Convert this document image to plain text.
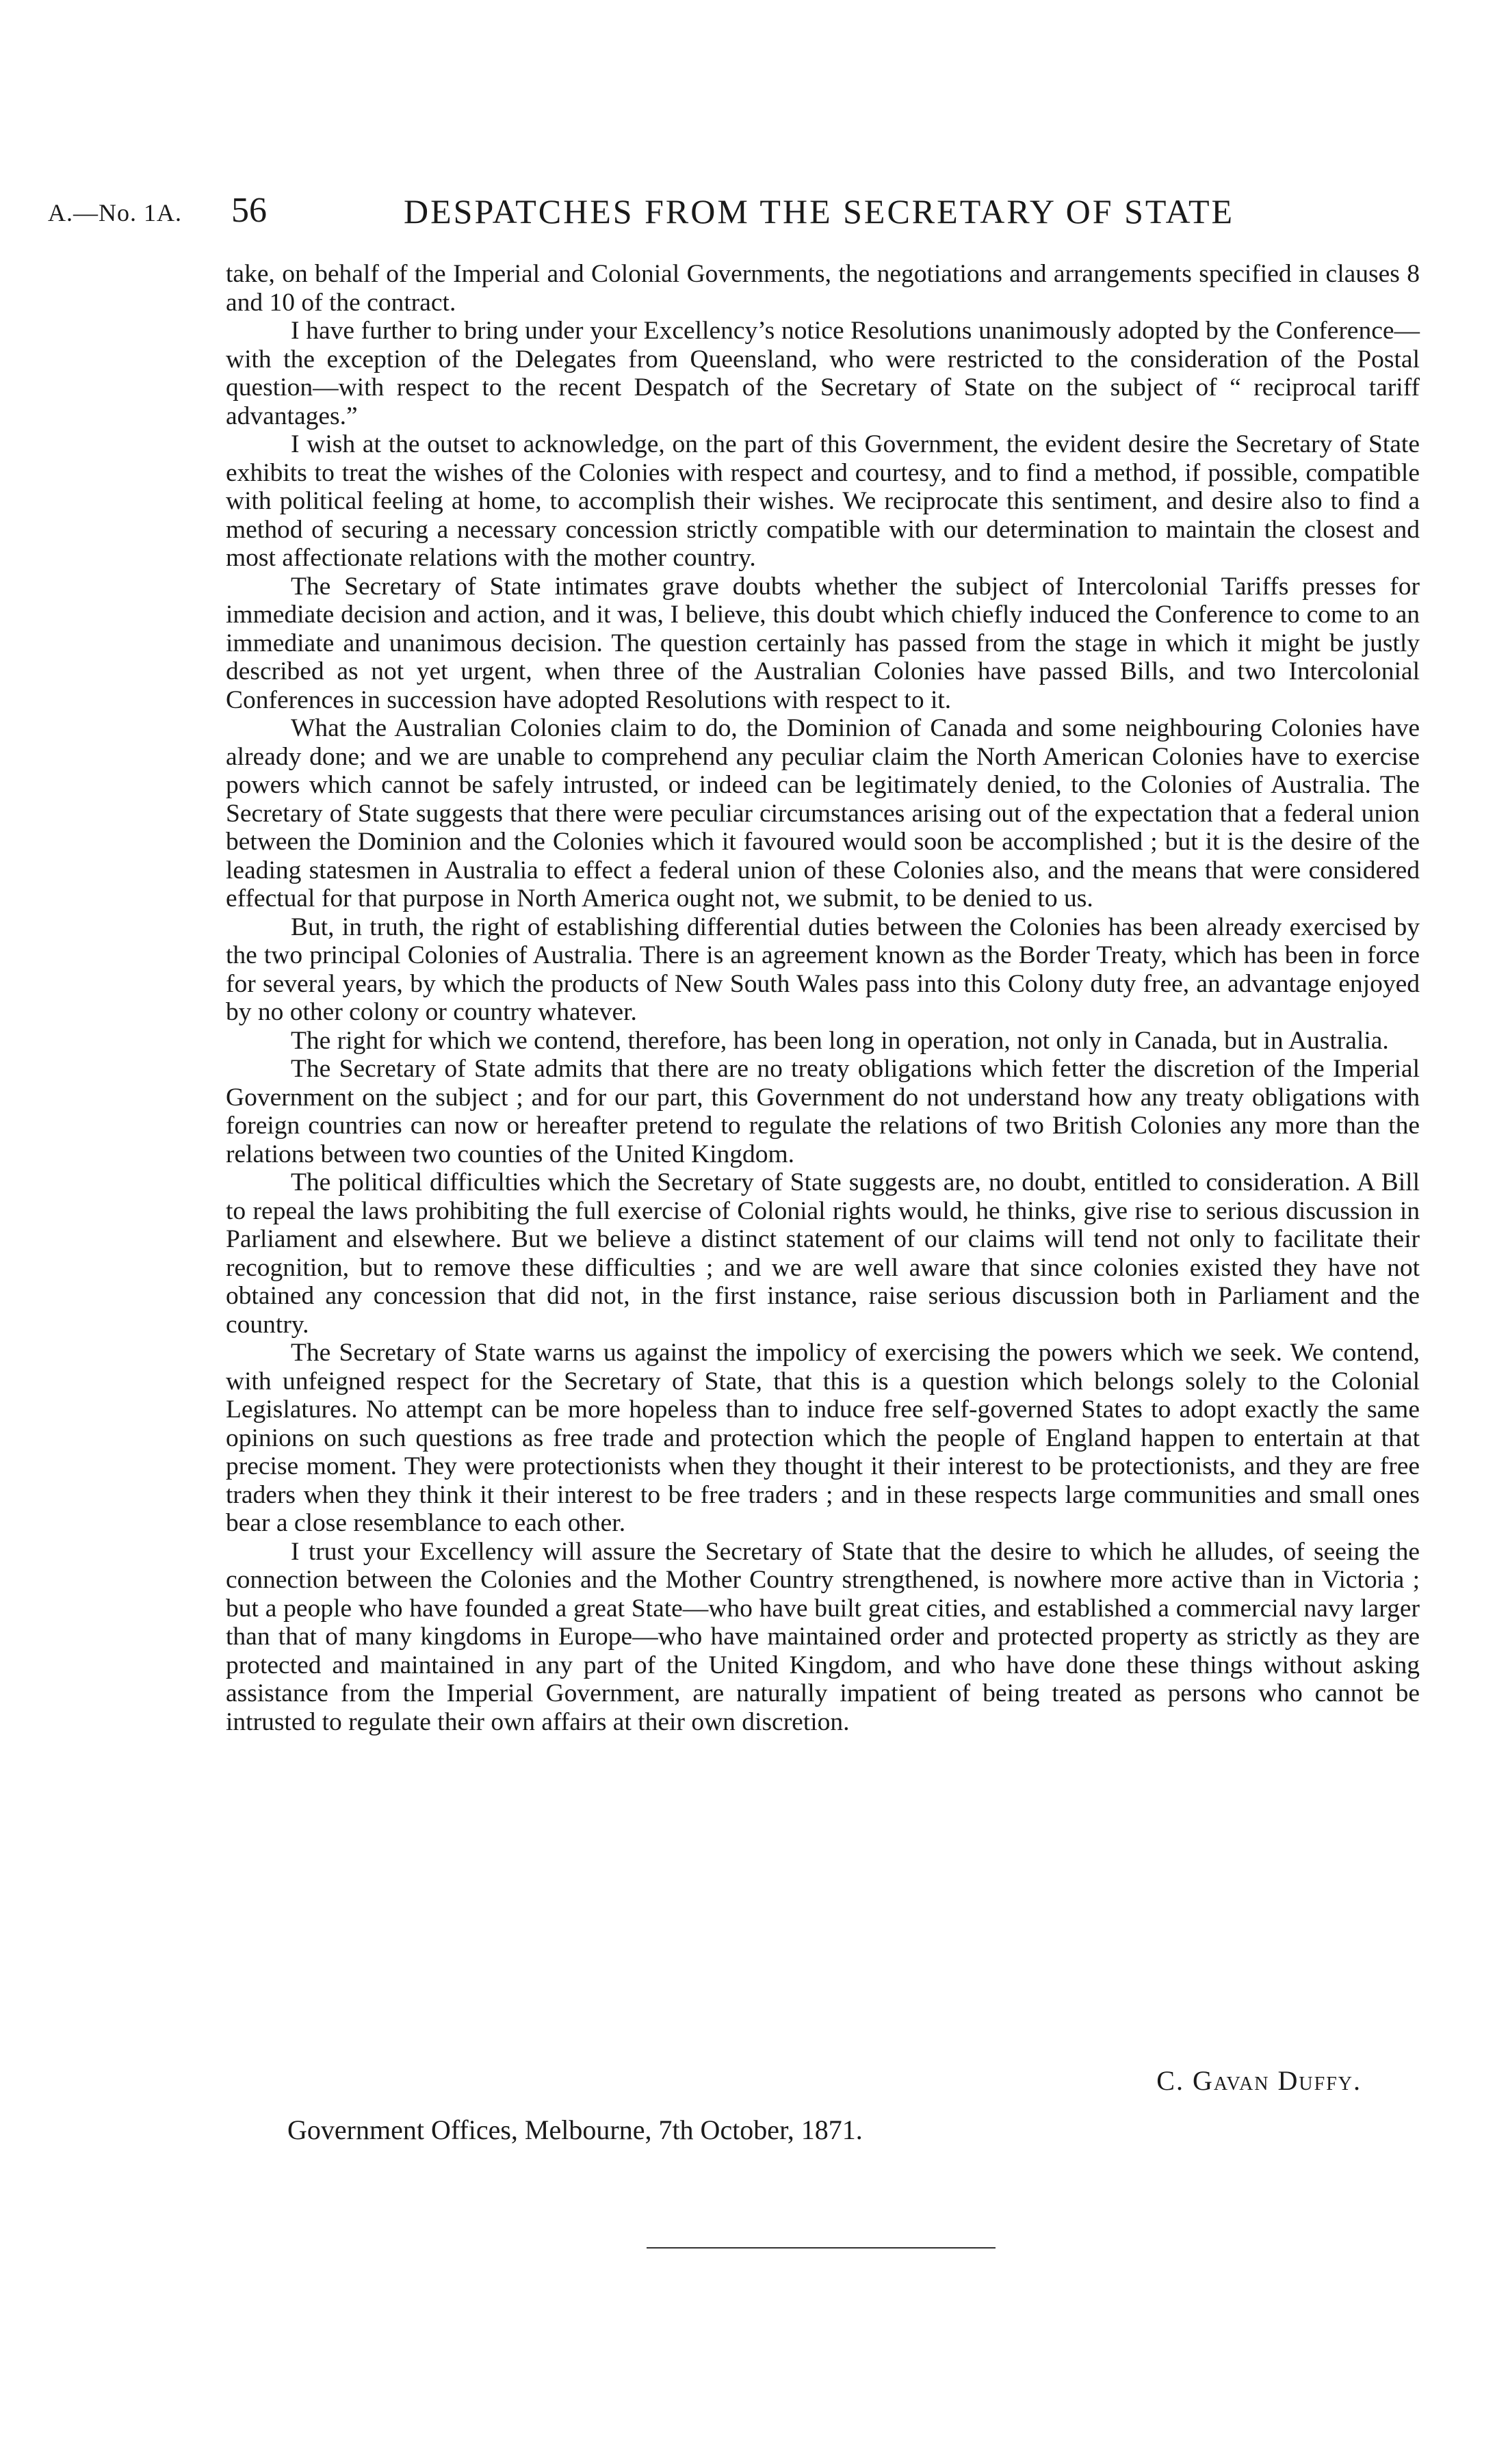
A.—No. 1A. 56	DESPATCHES FROM THE SECRETARY OF STATE

take, on behalf of the Imperial and Colonial Governments, the negotiations and arrangements specified in clauses 8 and 10 of the contract.

I have further to bring under your Excellency’s notice Resolutions unanimously adopted by the Conference—with the exception of the Delegates from Queensland, who were restricted to the consideration of the Postal question—with respect to the recent Despatch of the Secretary of State on the subject of “ reciprocal tariff advantages.”

I wish at the outset to acknowledge, on the part of this Government, the evident desire the Secretary of State exhibits to treat the wishes of the Colonies with respect and courtesy, and to find a method, if possible, compatible with political feeling at home, to accomplish their wishes. We reciprocate this sentiment, and desire also to find a method of securing a necessary concession strictly compatible with our determination to maintain the closest and most affectionate relations with the mother country.

The Secretary of State intimates grave doubts whether the subject of Intercolonial Tariffs presses for immediate decision and action, and it was, I believe, this doubt which chiefly induced the Conference to come to an immediate and unanimous decision. The question certainly has passed from the stage in which it might be justly described as not yet urgent, when three of the Australian Colonies have passed Bills, and two Intercolonial Conferences in succession have adopted Resolutions with respect to it.

What the Australian Colonies claim to do, the Dominion of Canada and some neighbouring Colonies have already done; and we are unable to comprehend any peculiar claim the North American Colonies have to exercise powers which cannot be safely intrusted, or indeed can be legitimately denied, to the Colonies of Australia. The Secretary of State suggests that there were peculiar circumstances arising out of the expectation that a federal union between the Dominion and the Colonies which it favoured would soon be accomplished ; but it is the desire of the leading statesmen in Australia to effect a federal union of these Colonies also, and the means that were considered effectual for that purpose in North America ought not, we submit, to be denied to us.

But, in truth, the right of establishing differential duties between the Colonies has been already exercised by the two principal Colonies of Australia. There is an agreement known as the Border Treaty, which has been in force for several years, by which the products of New South Wales pass into this Colony duty free, an advantage enjoyed by no other colony or country whatever.

The right for which we contend, therefore, has been long in operation, not only in Canada, but in Australia.

The Secretary of State admits that there are no treaty obligations which fetter the discretion of the Imperial Government on the subject ; and for our part, this Government do not understand how any treaty obligations with foreign countries can now or hereafter pretend to regulate the relations of two British Colonies any more than the relations between two counties of the United Kingdom.

The political difficulties which the Secretary of State suggests are, no doubt, entitled to consideration. A Bill to repeal the laws prohibiting the full exercise of Colonial rights would, he thinks, give rise to serious discussion in Parliament and elsewhere. But we believe a distinct statement of our claims will tend not only to facilitate their recognition, but to remove these difficulties ; and we are well aware that since colonies existed they have not obtained any concession that did not, in the first instance, raise serious discussion both in Parliament and the country.

The Secretary of State warns us against the impolicy of exercising the powers which we seek. We contend, with unfeigned respect for the Secretary of State, that this is a question which belongs solely to the Colonial Legislatures. No attempt can be more hopeless than to induce free self-governed States to adopt exactly the same opinions on such questions as free trade and protection which the people of England happen to entertain at that precise moment. They were protectionists when they thought it their interest to be protectionists, and they are free traders when they think it their interest to be free traders ; and in these respects large communities and small ones bear a close resemblance to each other.

I trust your Excellency will assure the Secretary of State that the desire to which he alludes, of seeing the connection between the Colonies and the Mother Country strengthened, is nowhere more active than in Victoria ; but a people who have founded a great State—who have built great cities, and established a commercial navy larger than that of many kingdoms in Europe—who have maintained order and protected property as strictly as they are protected and maintained in any part of the United Kingdom, and who have done these things without asking assistance from the Imperial Government, are naturally impatient of being treated as persons who cannot be intrusted to regulate their own affairs at their own discretion.

C. Gavan Duffy.
Government Offices, Melbourne, 7th October, 1871.
